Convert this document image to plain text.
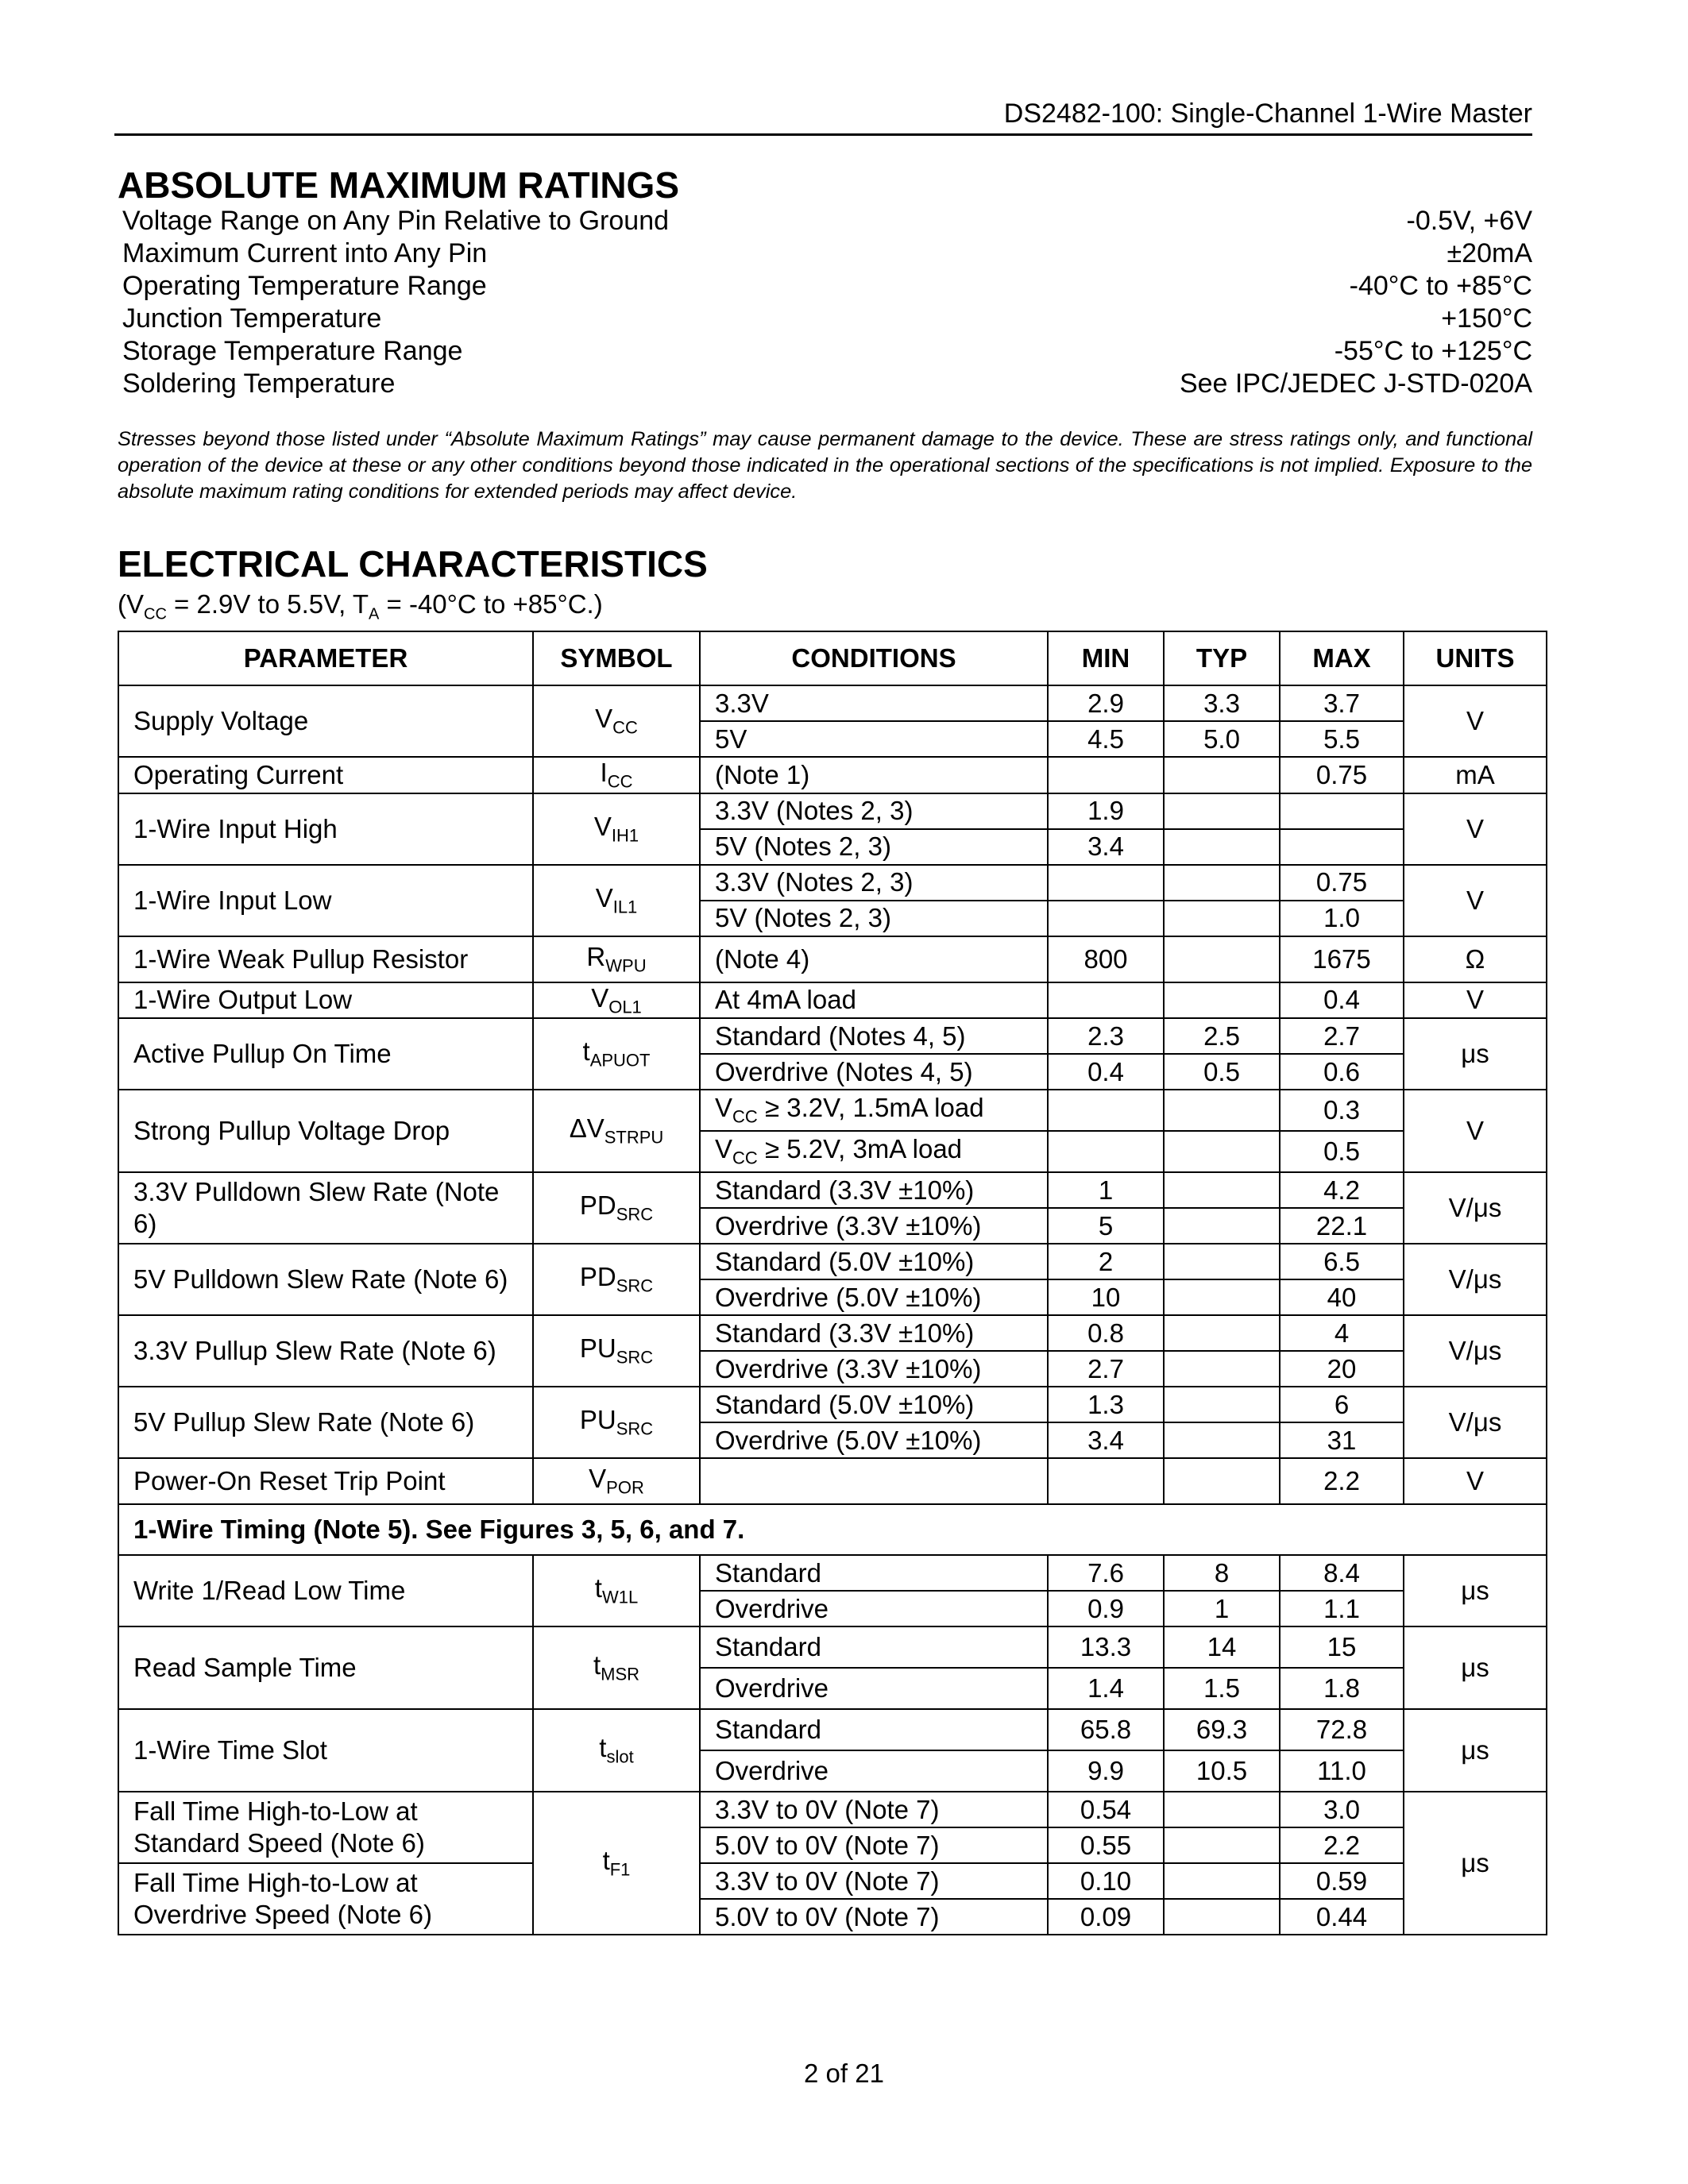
DS2482-100: Single-Channel 1-Wire Master
ABSOLUTE MAXIMUM RATINGS
Voltage Range on Any Pin Relative to Ground	-0.5V, +6V
Maximum Current into Any Pin	±20mA
Operating Temperature Range	-40°C to +85°C
Junction Temperature	+150°C
Storage Temperature Range	-55°C to +125°C
Soldering Temperature	See IPC/JEDEC J-STD-020A
Stresses beyond those listed under “Absolute Maximum Ratings” may cause permanent damage to the device. These are stress ratings only, and functional operation of the device at these or any other conditions beyond those indicated in the operational sections of the specifications is not implied. Exposure to the absolute maximum rating conditions for extended periods may affect device.
ELECTRICAL CHARACTERISTICS
($V_{CC} = 2.9V$ to 5.5V, $T_A = -40^\circ C$ to +85°C.)
PARAMETER	SYMBOL	CONDITIONS	MIN	TYP	MAX	UNITS
Supply Voltage	$V_{CC}$	3.3V	2.9	3.3	3.7	V
		5V	4.5	5.0	5.5	
Operating Current	$I_{CC}$	(Note 1)			0.75	mA
1-Wire Input High	$V_{IH1}$	3.3V (Notes 2, 3)	1.9			V
		5V (Notes 2, 3)	3.4			
1-Wire Input Low	$V_{IL1}$	3.3V (Notes 2, 3)			0.75	V
		5V (Notes 2, 3)			1.0	
1-Wire Weak Pullup Resistor	$R_{WPU}$	(Note 4)	800		1675	Ω
1-Wire Output Low	$V_{OL1}$	At 4mA load			0.4	V
Active Pullup On Time	$t_{APUOT}$	Standard (Notes 4, 5)	2.3	2.5	2.7	μs
		Overdrive (Notes 4, 5)	0.4	0.5	0.6	
Strong Pullup Voltage Drop	$\Delta V_{STRPU}$	$V_{CC} \ge 3.2V$, 1.5mA load			0.3	V
		$V_{CC} \ge 5.2V$, 3mA load			0.5	
3.3V Pulldown Slew Rate (Note 6)	$PD_{SRC}$	Standard (3.3V ±10%)	1		4.2	V/μs
		Overdrive (3.3V ±10%)	5		22.1	
5V Pulldown Slew Rate (Note 6)	$PD_{SRC}$	Standard (5.0V ±10%)	2		6.5	V/μs
		Overdrive (5.0V ±10%)	10		40	
3.3V Pullup Slew Rate (Note 6)	$PU_{SRC}$	Standard (3.3V ±10%)	0.8		4	V/μs
		Overdrive (3.3V ±10%)	2.7		20	
5V Pullup Slew Rate (Note 6)	$PU_{SRC}$	Standard (5.0V ±10%)	1.3		6	V/μs
		Overdrive (5.0V ±10%)	3.4		31	
Power-On Reset Trip Point	$V_{POR}$				2.2	V
1-Wire Timing (Note 5). See Figures 3, 5, 6, and 7.						
Write 1/Read Low Time	$t_{W1L}$	Standard	7.6	8	8.4	μs
		Overdrive	0.9	1	1.1	
Read Sample Time	$t_{MSR}$	Standard	13.3	14	15	μs
		Overdrive	1.4	1.5	1.8	
1-Wire Time Slot	$t_{slot}$	Standard	65.8	69.3	72.8	μs
		Overdrive	9.9	10.5	11.0	
Fall Time High-to-Low at Standard Speed (Note 6)	$t_{F1}$	3.3V to 0V (Note 7)	0.54		3.0	μs
		5.0V to 0V (Note 7)	0.55		2.2	
Fall Time High-to-Low at Overdrive Speed (Note 6)		3.3V to 0V (Note 7)	0.10		0.59	
		5.0V to 0V (Note 7)	0.09		0.44	
2 of 21
